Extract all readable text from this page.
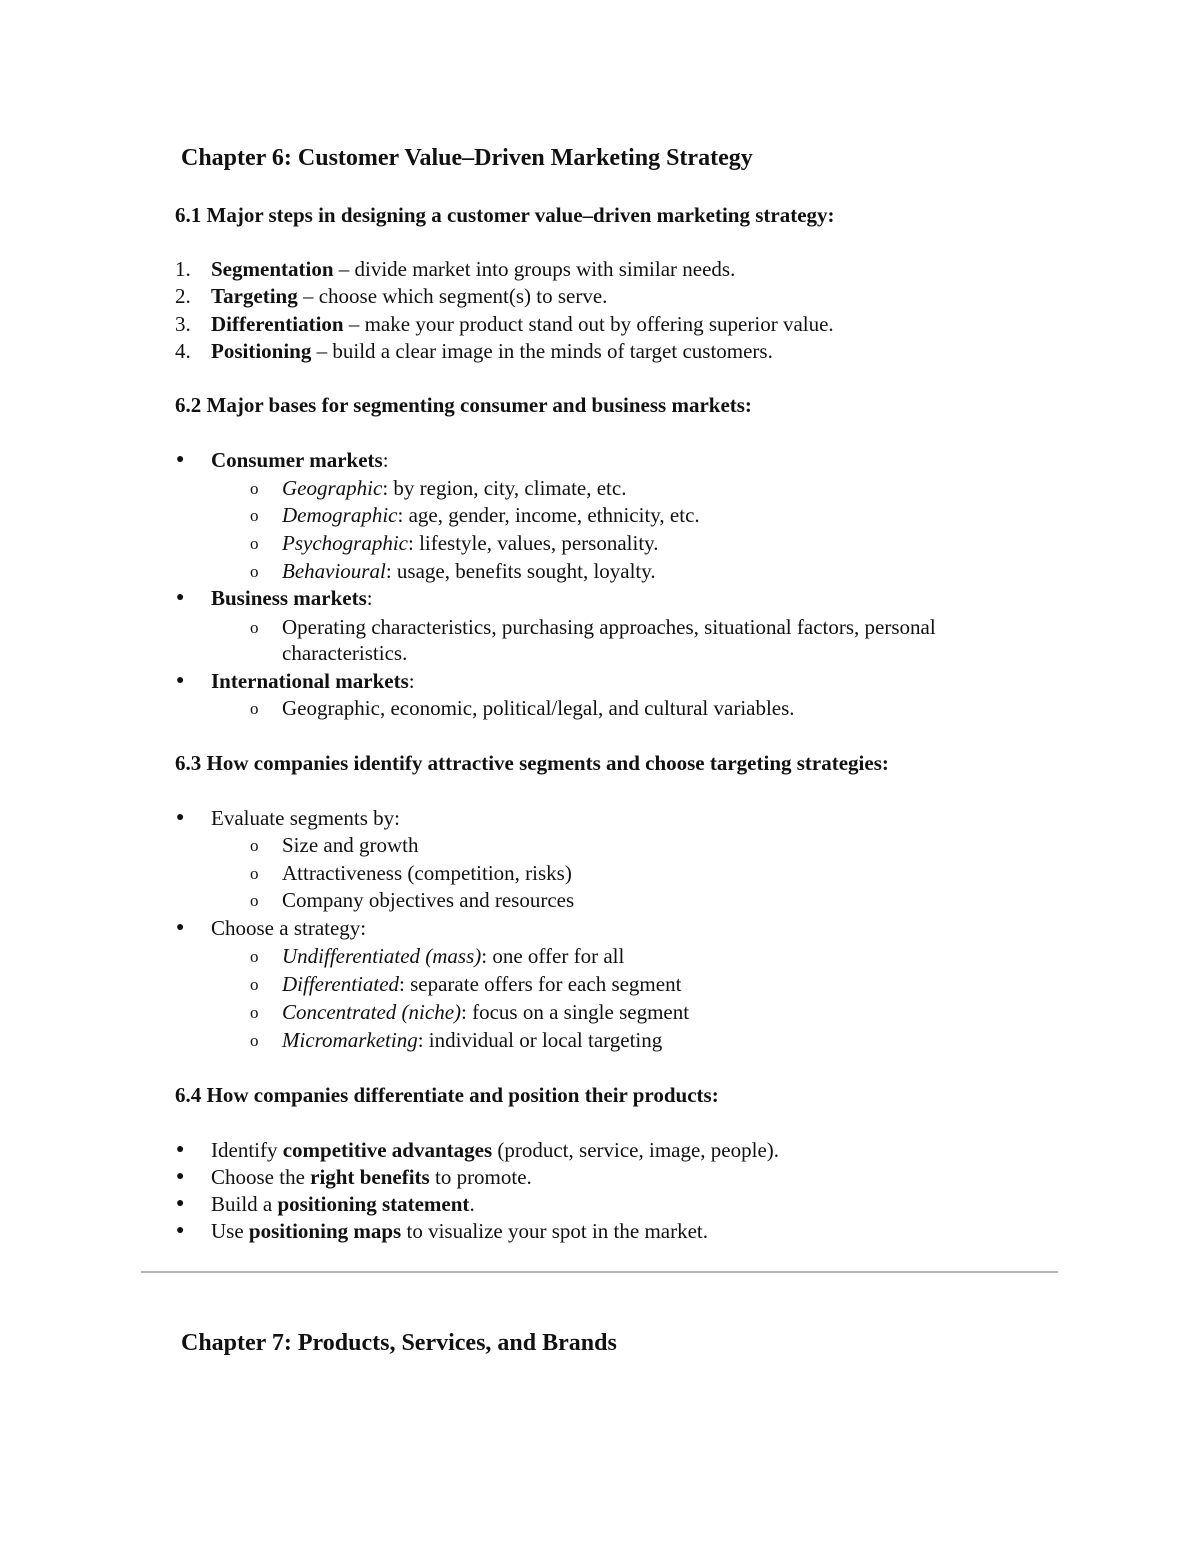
Chapter 6: Customer Value–Driven Marketing Strategy
6.1 Major steps in designing a customer value–driven marketing strategy:
1. Segmentation – divide market into groups with similar needs.
2. Targeting – choose which segment(s) to serve.
3. Differentiation – make your product stand out by offering superior value.
4. Positioning – build a clear image in the minds of target customers.
6.2 Major bases for segmenting consumer and business markets:
●	Consumer markets:
o	Geographic: by region, city, climate, etc.
o	Demographic: age, gender, income, ethnicity, etc.
o	Psychographic: lifestyle, values, personality.
o	Behavioural: usage, benefits sought, loyalty.
●	Business markets:
o	Operating characteristics, purchasing approaches, situational factors, personal
characteristics.
●	International markets:
o	Geographic, economic, political/legal, and cultural variables.
6.3 How companies identify attractive segments and choose targeting strategies:
●	Evaluate segments by:
o	Size and growth
o	Attractiveness (competition, risks)
o	Company objectives and resources
●	Choose a strategy:
o	Undifferentiated (mass): one offer for all
o	Differentiated: separate offers for each segment
o	Concentrated (niche): focus on a single segment
o	Micromarketing: individual or local targeting
6.4 How companies differentiate and position their products:
●	Identify competitive advantages (product, service, image, people).
●	Choose the right benefits to promote.
●	Build a positioning statement.
●	Use positioning maps to visualize your spot in the market.
Chapter 7: Products, Services, and Brands
